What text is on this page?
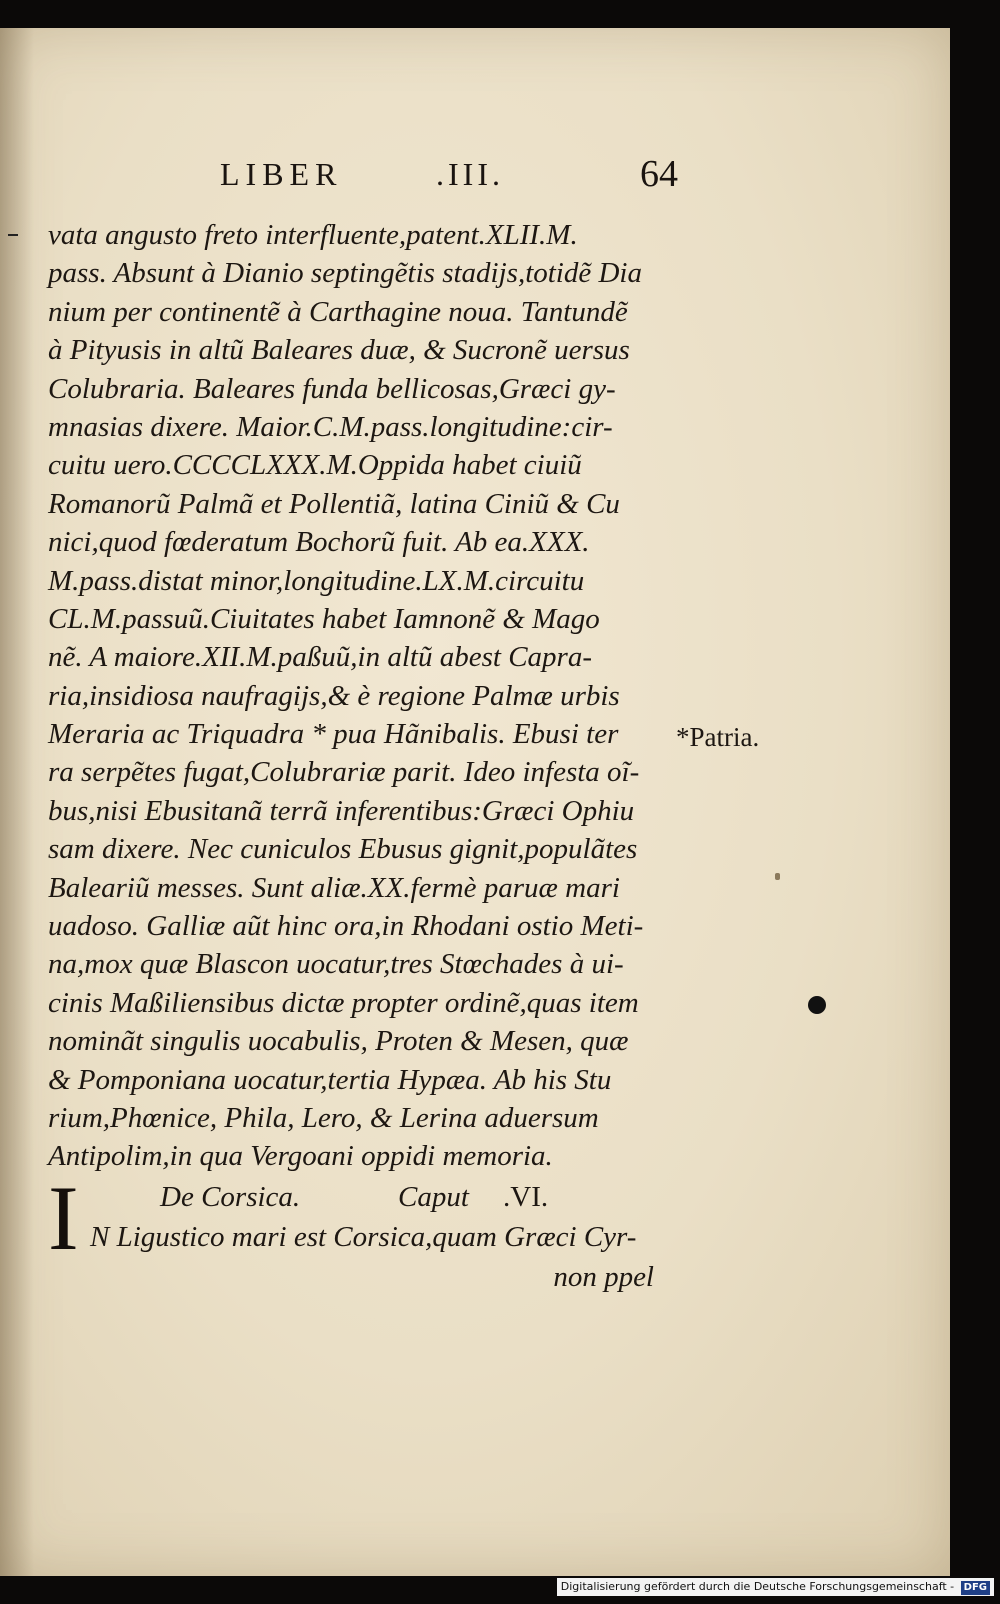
LIBER	.III.	64
vata angusto freto interfluente,patent.XLII.M.
pass. Absunt à Dianio septingẽtis stadijs,totidẽ Dia
nium per continentẽ à Carthagine noua. Tantundẽ
à Pityusis in altũ Baleares duæ, & Sucronẽ uersus
Colubraria. Baleares funda bellicosas,Græci gy-
mnasias dixere. Maior.C.M.pass.longitudine:cir-
cuitu uero.CCCCLXXX.M.Oppida habet ciuiũ
Romanorũ Palmã et Pollentiã, latina Ciniũ & Cu
nici,quod fœderatum Bochorũ fuit. Ab ea.XXX.
M.pass.distat minor,longitudine.LX.M.circuitu
CL.M.passuũ.Ciuitates habet Iamnonẽ & Mago
nẽ. A maiore.XII.M.paßuũ,in altũ abest Capra-
ria,insidiosa naufragijs,& è regione Palmæ urbis
Meraria ac Triquadra * pua Hãnibalis. Ebusi ter
ra serpẽtes fugat,Colubrariæ parit. Ideo infesta oĩ-
bus,nisi Ebusitanã terrã inferentibus:Græci Ophiu
sam dixere. Nec cuniculos Ebusus gignit,populãtes
Baleariũ messes. Sunt aliæ.XX.fermè paruæ mari
uadoso. Galliæ aũt hinc ora,in Rhodani ostio Meti-
na,mox quæ Blascon uocatur,tres Stœchades à ui-
cinis Maßiliensibus dictæ propter ordinẽ,quas item
nominãt singulis uocabulis, Proten & Mesen, quæ
& Pomponiana uocatur,tertia Hypæa. Ab his Stu
rium,Phœnice, Phila, Lero, & Lerina aduersum
Antipolim,in qua Vergoani oppidi memoria.
I	De Corsica.	Caput .VI.
N Ligustico mari est Corsica,quam Græci Cyr-
non ppel
*Patria.
Digitalisierung gefördert durch die Deutsche Forschungsgemeinschaft - DFG
